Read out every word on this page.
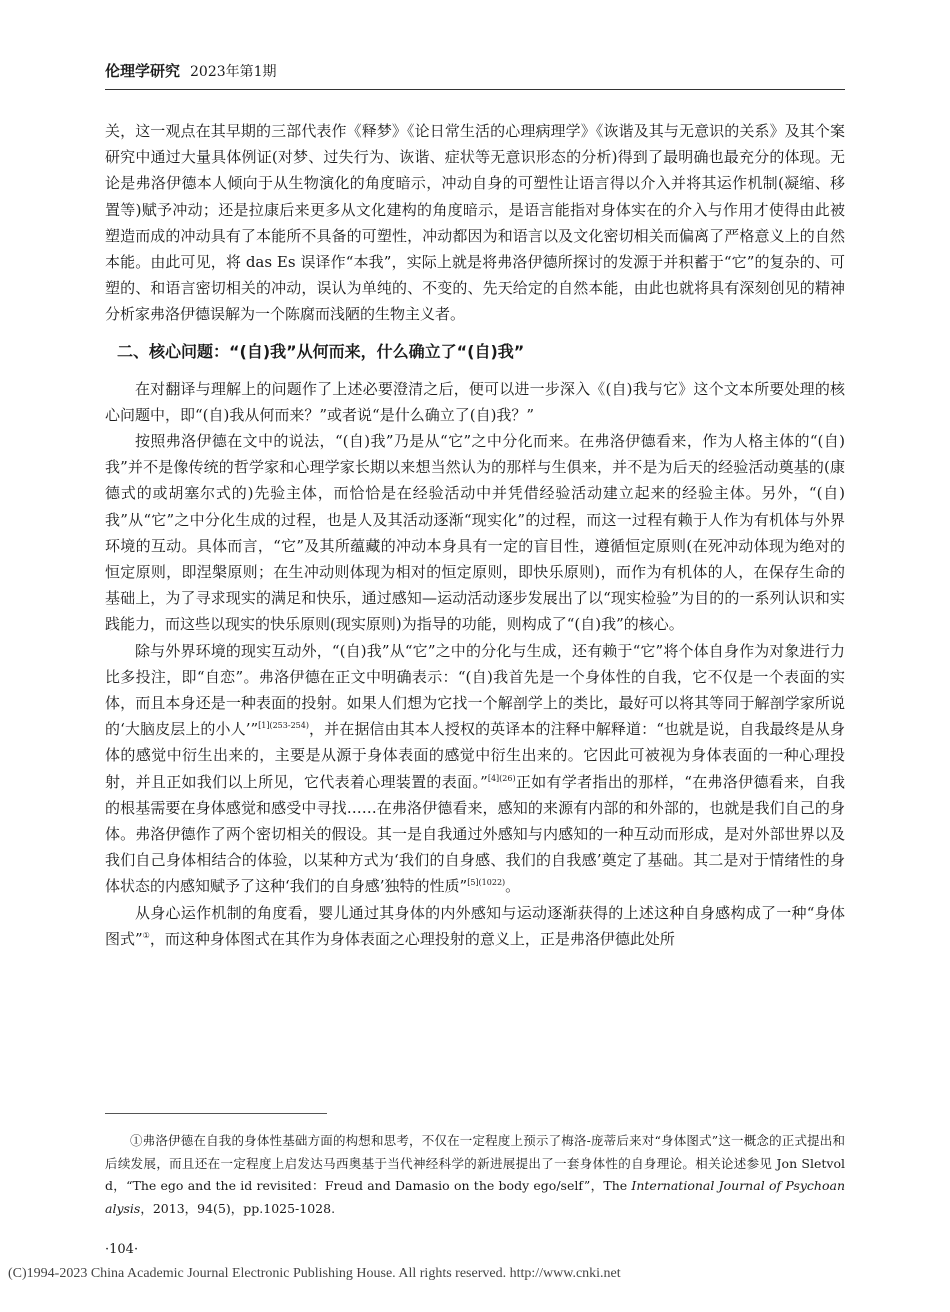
伦理学研究 2023年第1期

关，这一观点在其早期的三部代表作《释梦》《论日常生活的心理病理学》《诙谐及其与无意识的关系》及其个案研究中通过大量具体例证(对梦、过失行为、诙谐、症状等无意识形态的分析)得到了最明确也最充分的体现。无论是弗洛伊德本人倾向于从生物演化的角度暗示，冲动自身的可塑性让语言得以介入并将其运作机制(凝缩、移置等)赋予冲动；还是拉康后来更多从文化建构的角度暗示，是语言能指对身体实在的介入与作用才使得由此被塑造而成的冲动具有了本能所不具备的可塑性，冲动都因为和语言以及文化密切相关而偏离了严格意义上的自然本能。由此可见，将 das Es 误译作“本我”，实际上就是将弗洛伊德所探讨的发源于并积蓄于“它”的复杂的、可塑的、和语言密切相关的冲动，误认为单纯的、不变的、先天给定的自然本能，由此也就将具有深刻创见的精神分析家弗洛伊德误解为一个陈腐而浅陋的生物主义者。

二、核心问题：“(自)我”从何而来，什么确立了“(自)我”

在对翻译与理解上的问题作了上述必要澄清之后，便可以进一步深入《(自)我与它》这个文本所要处理的核心问题中，即“(自)我从何而来？”或者说“是什么确立了(自)我？”

按照弗洛伊德在文中的说法，“(自)我”乃是从“它”之中分化而来。在弗洛伊德看来，作为人格主体的“(自)我”并不是像传统的哲学家和心理学家长期以来想当然认为的那样与生俱来，并不是为后天的经验活动奠基的(康德式的或胡塞尔式的)先验主体，而恰恰是在经验活动中并凭借经验活动建立起来的经验主体。另外，“(自)我”从“它”之中分化生成的过程，也是人及其活动逐渐“现实化”的过程，而这一过程有赖于人作为有机体与外界环境的互动。具体而言，“它”及其所蕴藏的冲动本身具有一定的盲目性，遵循恒定原则(在死冲动体现为绝对的恒定原则，即涅槃原则；在生冲动则体现为相对的恒定原则，即快乐原则)，而作为有机体的人，在保存生命的基础上，为了寻求现实的满足和快乐，通过感知—运动活动逐步发展出了以“现实检验”为目的的一系列认识和实践能力，而这些以现实的快乐原则(现实原则)为指导的功能，则构成了“(自)我”的核心。

除与外界环境的现实互动外，“(自)我”从“它”之中的分化与生成，还有赖于“它”将个体自身作为对象进行力比多投注，即“自恋”。弗洛伊德在正文中明确表示：“(自)我首先是一个身体性的自我，它不仅是一个表面的实体，而且本身还是一种表面的投射。如果人们想为它找一个解剖学上的类比，最好可以将其等同于解剖学家所说的‘大脑皮层上的小人’”$^{[1](253-254)}$，并在据信由其本人授权的英译本的注释中解释道：“也就是说，自我最终是从身体的感觉中衍生出来的，主要是从源于身体表面的感觉中衍生出来的。它因此可被视为身体表面的一种心理投射，并且正如我们以上所见，它代表着心理装置的表面。”$^{[4](26)}$正如有学者指出的那样，“在弗洛伊德看来，自我的根基需要在身体感觉和感受中寻找……在弗洛伊德看来，感知的来源有内部的和外部的，也就是我们自己的身体。弗洛伊德作了两个密切相关的假设。其一是自我通过外感知与内感知的一种互动而形成，是对外部世界以及我们自己身体相结合的体验，以某种方式为‘我们的自身感、我们的自我感’奠定了基础。其二是对于情绪性的身体状态的内感知赋予了这种‘我们的自身感’独特的性质”$^{[5](1022)}$。

从身心运作机制的角度看，婴儿通过其身体的内外感知与运动逐渐获得的上述这种自身感构成了一种“身体图式”①，而这种身体图式在其作为身体表面之心理投射的意义上，正是弗洛伊德此处所

①弗洛伊德在自我的身体性基础方面的构想和思考，不仅在一定程度上预示了梅洛-庞蒂后来对“身体图式”这一概念的正式提出和后续发展，而且还在一定程度上启发达马西奥基于当代神经科学的新进展提出了一套身体性的自身理论。相关论述参见 Jon Sletvold，“The ego and the id revisited：Freud and Damasio on the body ego/self”，The International Journal of Psychoanalysis，2013，94(5)，pp.1025-1028.
·104·
(C)1994-2023 China Academic Journal Electronic Publishing House. All rights reserved. http://www.cnki.net
